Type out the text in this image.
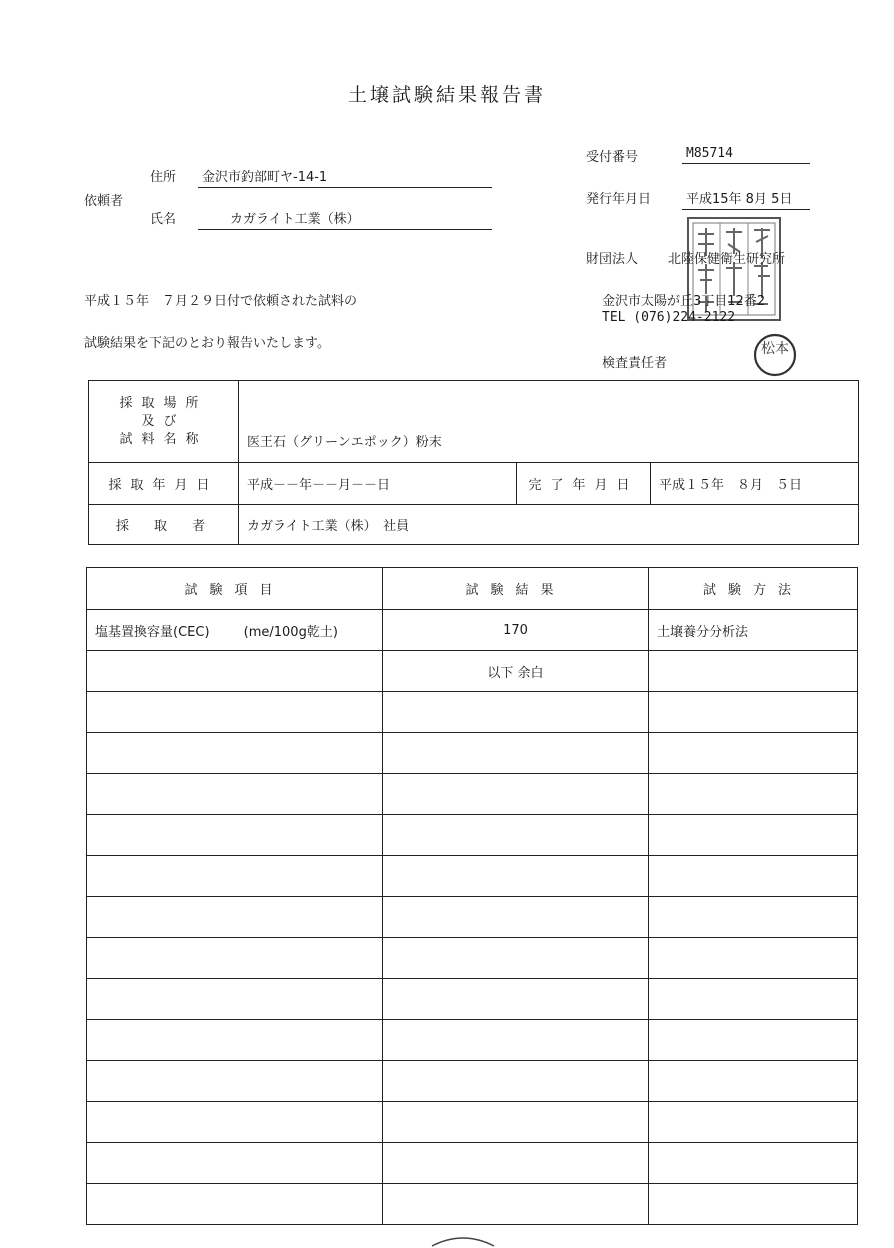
土壌試験結果報告書
依頼者
住所	金沢市釣部町ヤ-14-1
氏名	カガライト工業（株）
受付番号	M85714
発行年月日	平成15年 8月 5日
財団法人 北陸保健衛生研究所
金沢市太陽が丘3丁目12番2
TEL (076)224-2122
検査責任者
松本
平成１５年　７月２９日付で依頼された試料の
試験結果を下記のとおり報告いたします。
採取場所
及び
試料名称	医王石（グリーンエポック）粉末		
採取年月日	平成－－年－－月－－日	完了年月日	平成１５年　８月　５日
採　取　者	カガライト工業（株）　社員		
試験項目	試験結果	試験方法
塩基置換容量(CEC) (me/100g乾土)	170	土壌養分分析法
	以下 余白	
